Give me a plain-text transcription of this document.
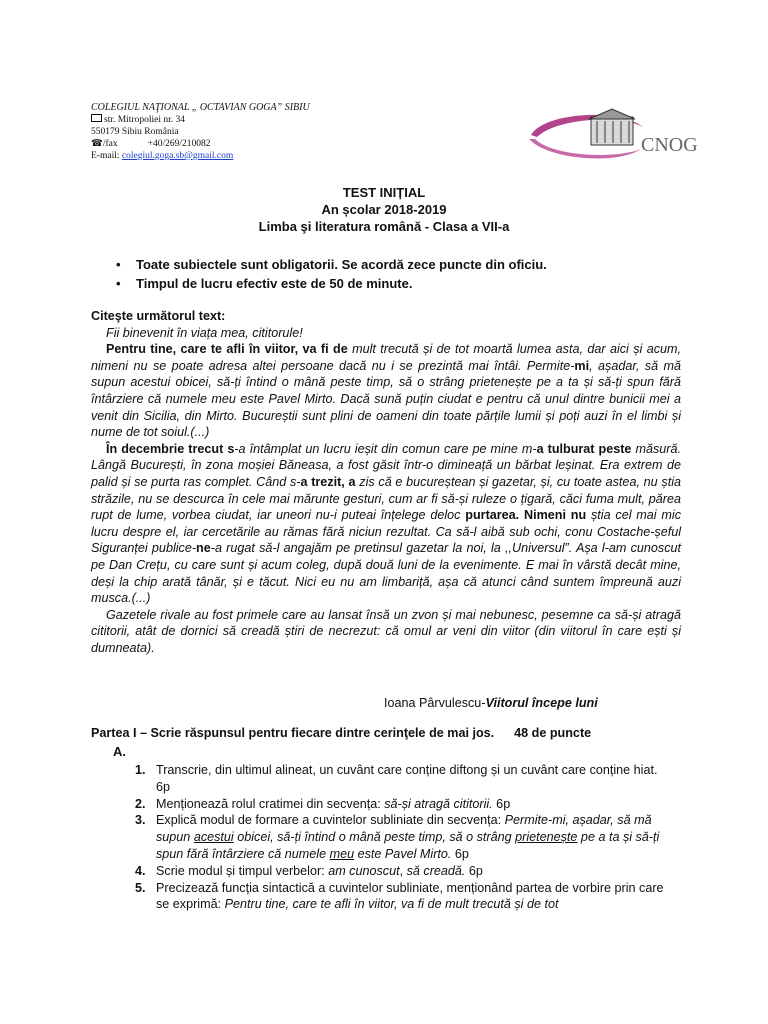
COLEGIUL NAŢIONAL „ OCTAVIAN GOGA” SIBIU
str. Mitropoliei nr. 34
550179 Sibiu România
☎/fax	+40/269/210082
E-mail: colegiul.goga.sb@gmail.com	CNOG
TEST INIȚIAL
An școlar 2018-2019
Limba şi literatura română - Clasa a VII-a
• Toate subiectele sunt obligatorii. Se acordă zece puncte din oficiu.
• Timpul de lucru efectiv este de 50 de minute.
Citeşte următorul text:

Fii binevenit în viața mea, cititorule!

Pentru tine, care te afli în viitor, va fi de mult trecută și de tot moartă lumea asta, dar aici și acum, nimeni nu se poate adresa altei persoane dacă nu i se prezintă mai întâi. Permite-mi, așadar, să mă supun acestui obicei, să-ți întind o mână peste timp, să o strâng prietenește pe a ta și să-ți spun fără întârziere că numele meu este Pavel Mirto. Dacă sună puțin ciudat e pentru că unul dintre bunicii mei a venit din Sicilia, din Mirto. Bucureștii sunt plini de oameni din toate părțile lumii și poți auzi în el limbi și nume de tot soiul.(...)

În decembrie trecut s-a întâmplat un lucru ieșit din comun care pe mine m-a tulburat peste măsură. Lângă București, în zona moșiei Băneasa, a fost găsit într-o dimineață un bărbat leșinat. Era extrem de palid și se purta ras complet. Când s-a trezit, a zis că e bucureștean și gazetar, și, cu toate astea, nu știa străzile, nu se descurca în cele mai mărunte gesturi, cum ar fi să-și ruleze o țigară, căci fuma mult, părea rupt de lume, vorbea ciudat, iar uneori nu-i puteai înțelege deloc purtarea. Nimeni nu știa cel mai mic lucru despre el, iar cercetările au rămas fără niciun rezultat. Ca să-l aibă sub ochi, conu Costache-șeful Siguranței publice-ne-a rugat să-l angajăm pe pretinsul gazetar la noi, la ,,Universul”. Așa l-am cunoscut pe Dan Crețu, cu care sunt și acum coleg, după două luni de la evenimente. E mai în vârstă decât mine, deși la chip arată tânăr, și e tăcut. Nici eu nu am limbariță, așa că atunci când suntem împreună auzi musca.(...)

Gazetele rivale au fost primele care au lansat însă un zvon și mai nebunesc, pesemne ca să-și atragă cititorii, atât de dornici să creadă știri de necrezut: că omul ar veni din viitor (din viitorul în care ești și dumneata).

Ioana Pârvulescu-Viitorul începe luni
Partea I – Scrie răspunsul pentru fiecare dintre cerinţele de mai jos. 48 de puncte
A.
1. Transcrie, din ultimul alineat, un cuvânt care conține diftong și un cuvânt care conține hiat. 6p
2. Menționează rolul cratimei din secvența: să-și atragă cititorii. 6p
3. Explică modul de formare a cuvintelor subliniate din secvența: Permite-mi, așadar, să mă supun acestui obicei, să-ți întind o mână peste timp, să o strâng prietenește pe a ta și să-ți spun fără întârziere că numele meu este Pavel Mirto. 6p
4. Scrie modul și timpul verbelor: am cunoscut, să creadă. 6p
5. Precizează funcția sintactică a cuvintelor subliniate, menționând partea de vorbire prin care se exprimă: Pentru tine, care te afli în viitor, va fi de mult trecută și de tot
